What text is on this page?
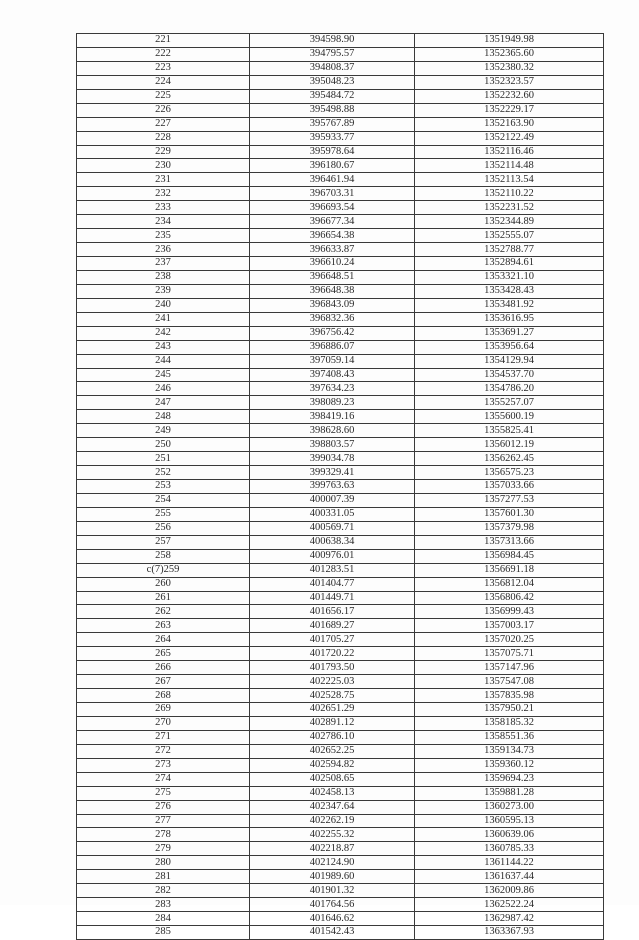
221	394598.90	1351949.98
222	394795.57	1352365.60
223	394808.37	1352380.32
224	395048.23	1352323.57
225	395484.72	1352232.60
226	395498.88	1352229.17
227	395767.89	1352163.90
228	395933.77	1352122.49
229	395978.64	1352116.46
230	396180.67	1352114.48
231	396461.94	1352113.54
232	396703.31	1352110.22
233	396693.54	1352231.52
234	396677.34	1352344.89
235	396654.38	1352555.07
236	396633.87	1352788.77
237	396610.24	1352894.61
238	396648.51	1353321.10
239	396648.38	1353428.43
240	396843.09	1353481.92
241	396832.36	1353616.95
242	396756.42	1353691.27
243	396886.07	1353956.64
244	397059.14	1354129.94
245	397408.43	1354537.70
246	397634.23	1354786.20
247	398089.23	1355257.07
248	398419.16	1355600.19
249	398628.60	1355825.41
250	398803.57	1356012.19
251	399034.78	1356262.45
252	399329.41	1356575.23
253	399763.63	1357033.66
254	400007.39	1357277.53
255	400331.05	1357601.30
256	400569.71	1357379.98
257	400638.34	1357313.66
258	400976.01	1356984.45
с(7)259	401283.51	1356691.18
260	401404.77	1356812.04
261	401449.71	1356806.42
262	401656.17	1356999.43
263	401689.27	1357003.17
264	401705.27	1357020.25
265	401720.22	1357075.71
266	401793.50	1357147.96
267	402225.03	1357547.08
268	402528.75	1357835.98
269	402651.29	1357950.21
270	402891.12	1358185.32
271	402786.10	1358551.36
272	402652.25	1359134.73
273	402594.82	1359360.12
274	402508.65	1359694.23
275	402458.13	1359881.28
276	402347.64	1360273.00
277	402262.19	1360595.13
278	402255.32	1360639.06
279	402218.87	1360785.33
280	402124.90	1361144.22
281	401989.60	1361637.44
282	401901.32	1362009.86
283	401764.56	1362522.24
284	401646.62	1362987.42
285	401542.43	1363367.93
